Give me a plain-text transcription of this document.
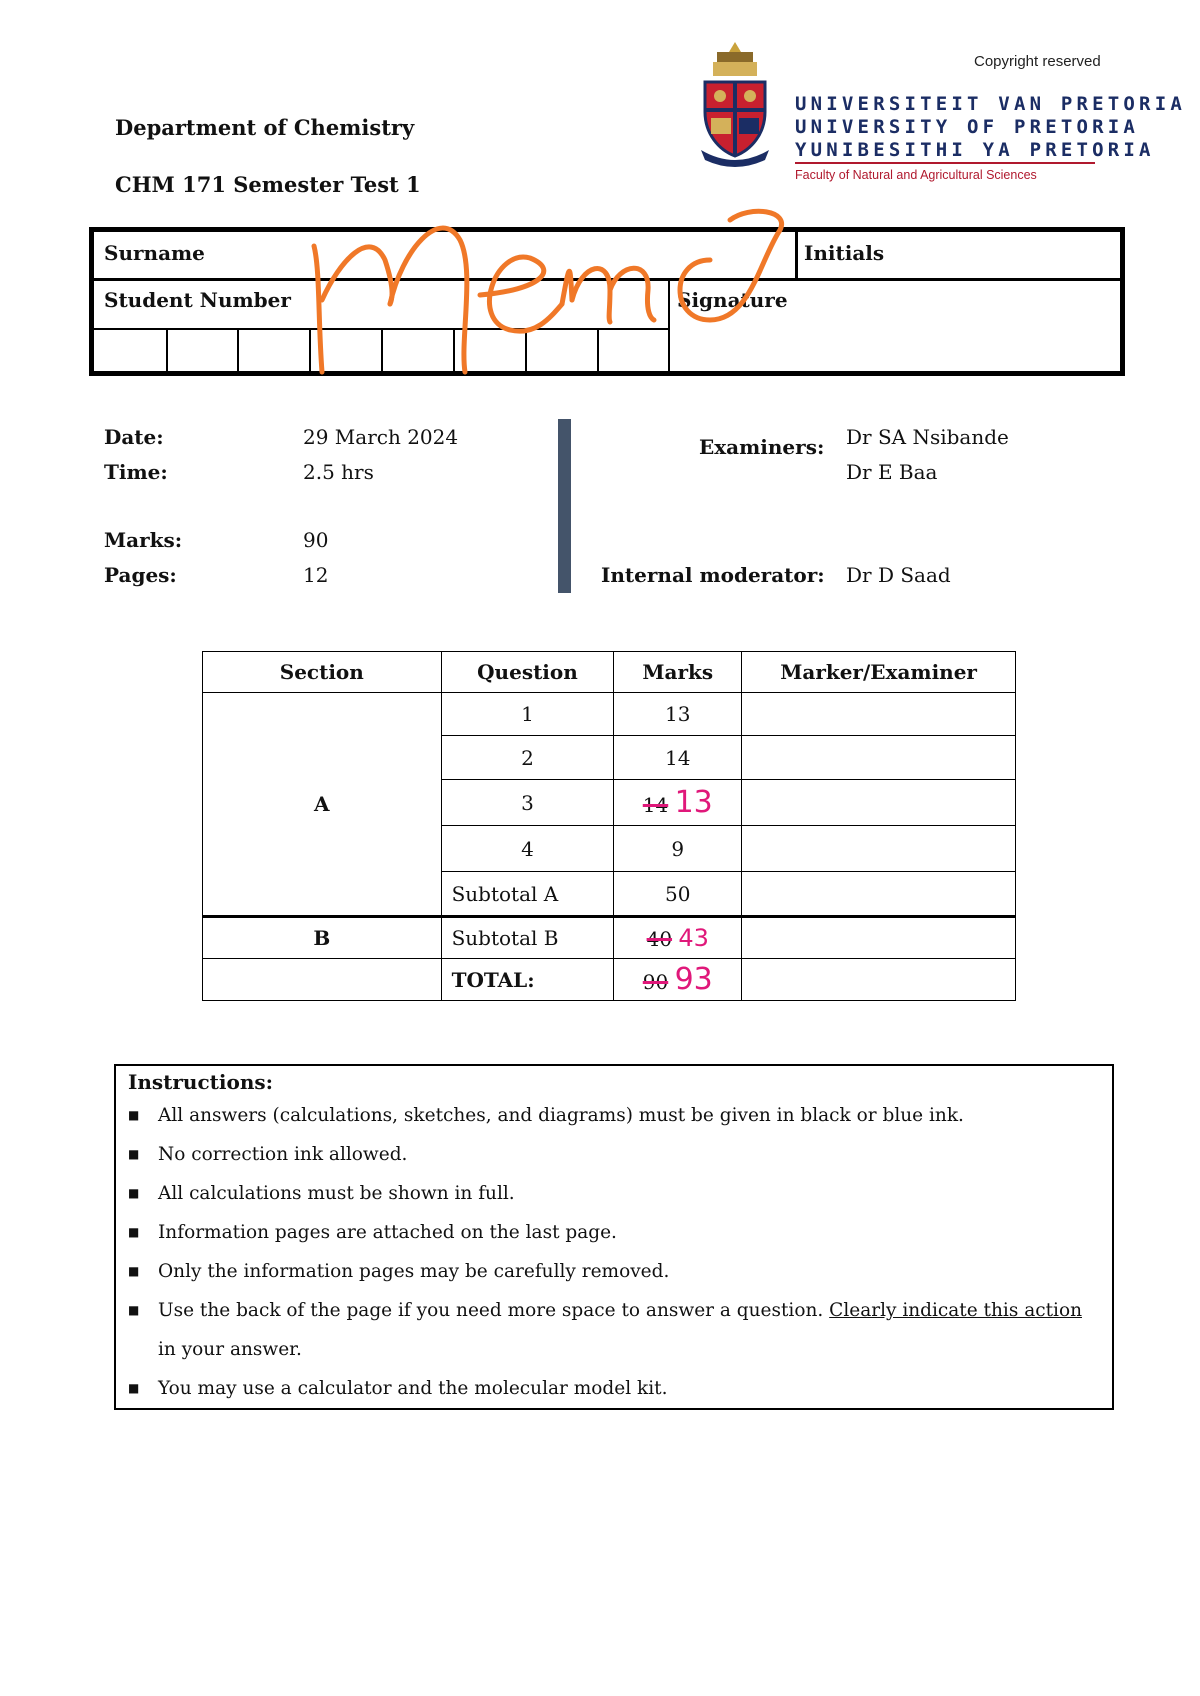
Copyright reserved
UNIVERSITEIT VAN PRETORIA
UNIVERSITY OF PRETORIA
YUNIBESITHI YA PRETORIA
Faculty of Natural and Agricultural Sciences
Department of Chemistry
CHM 171 Semester Test 1
Surname	Initials
Student Number	Signature
Date:	29 March 2024
Time:	2.5 hrs
Marks:	90
Pages:	12
Examiners: Dr SA Nsibande
Dr E Baa
Internal moderator: Dr D Saad
Section	Question	Marks	Marker/Examiner
A	1	13	
	2	14	
	3	14 13	
	4	9	
	Subtotal A	50	
B	Subtotal B	40 43	
	TOTAL:	90 93	
Instructions:
■ All answers (calculations, sketches, and diagrams) must be given in black or blue ink.
■ No correction ink allowed.
■ All calculations must be shown in full.
■ Information pages are attached on the last page.
■ Only the information pages may be carefully removed.
■ Use the back of the page if you need more space to answer a question. Clearly indicate this action in your answer.
■ You may use a calculator and the molecular model kit.
